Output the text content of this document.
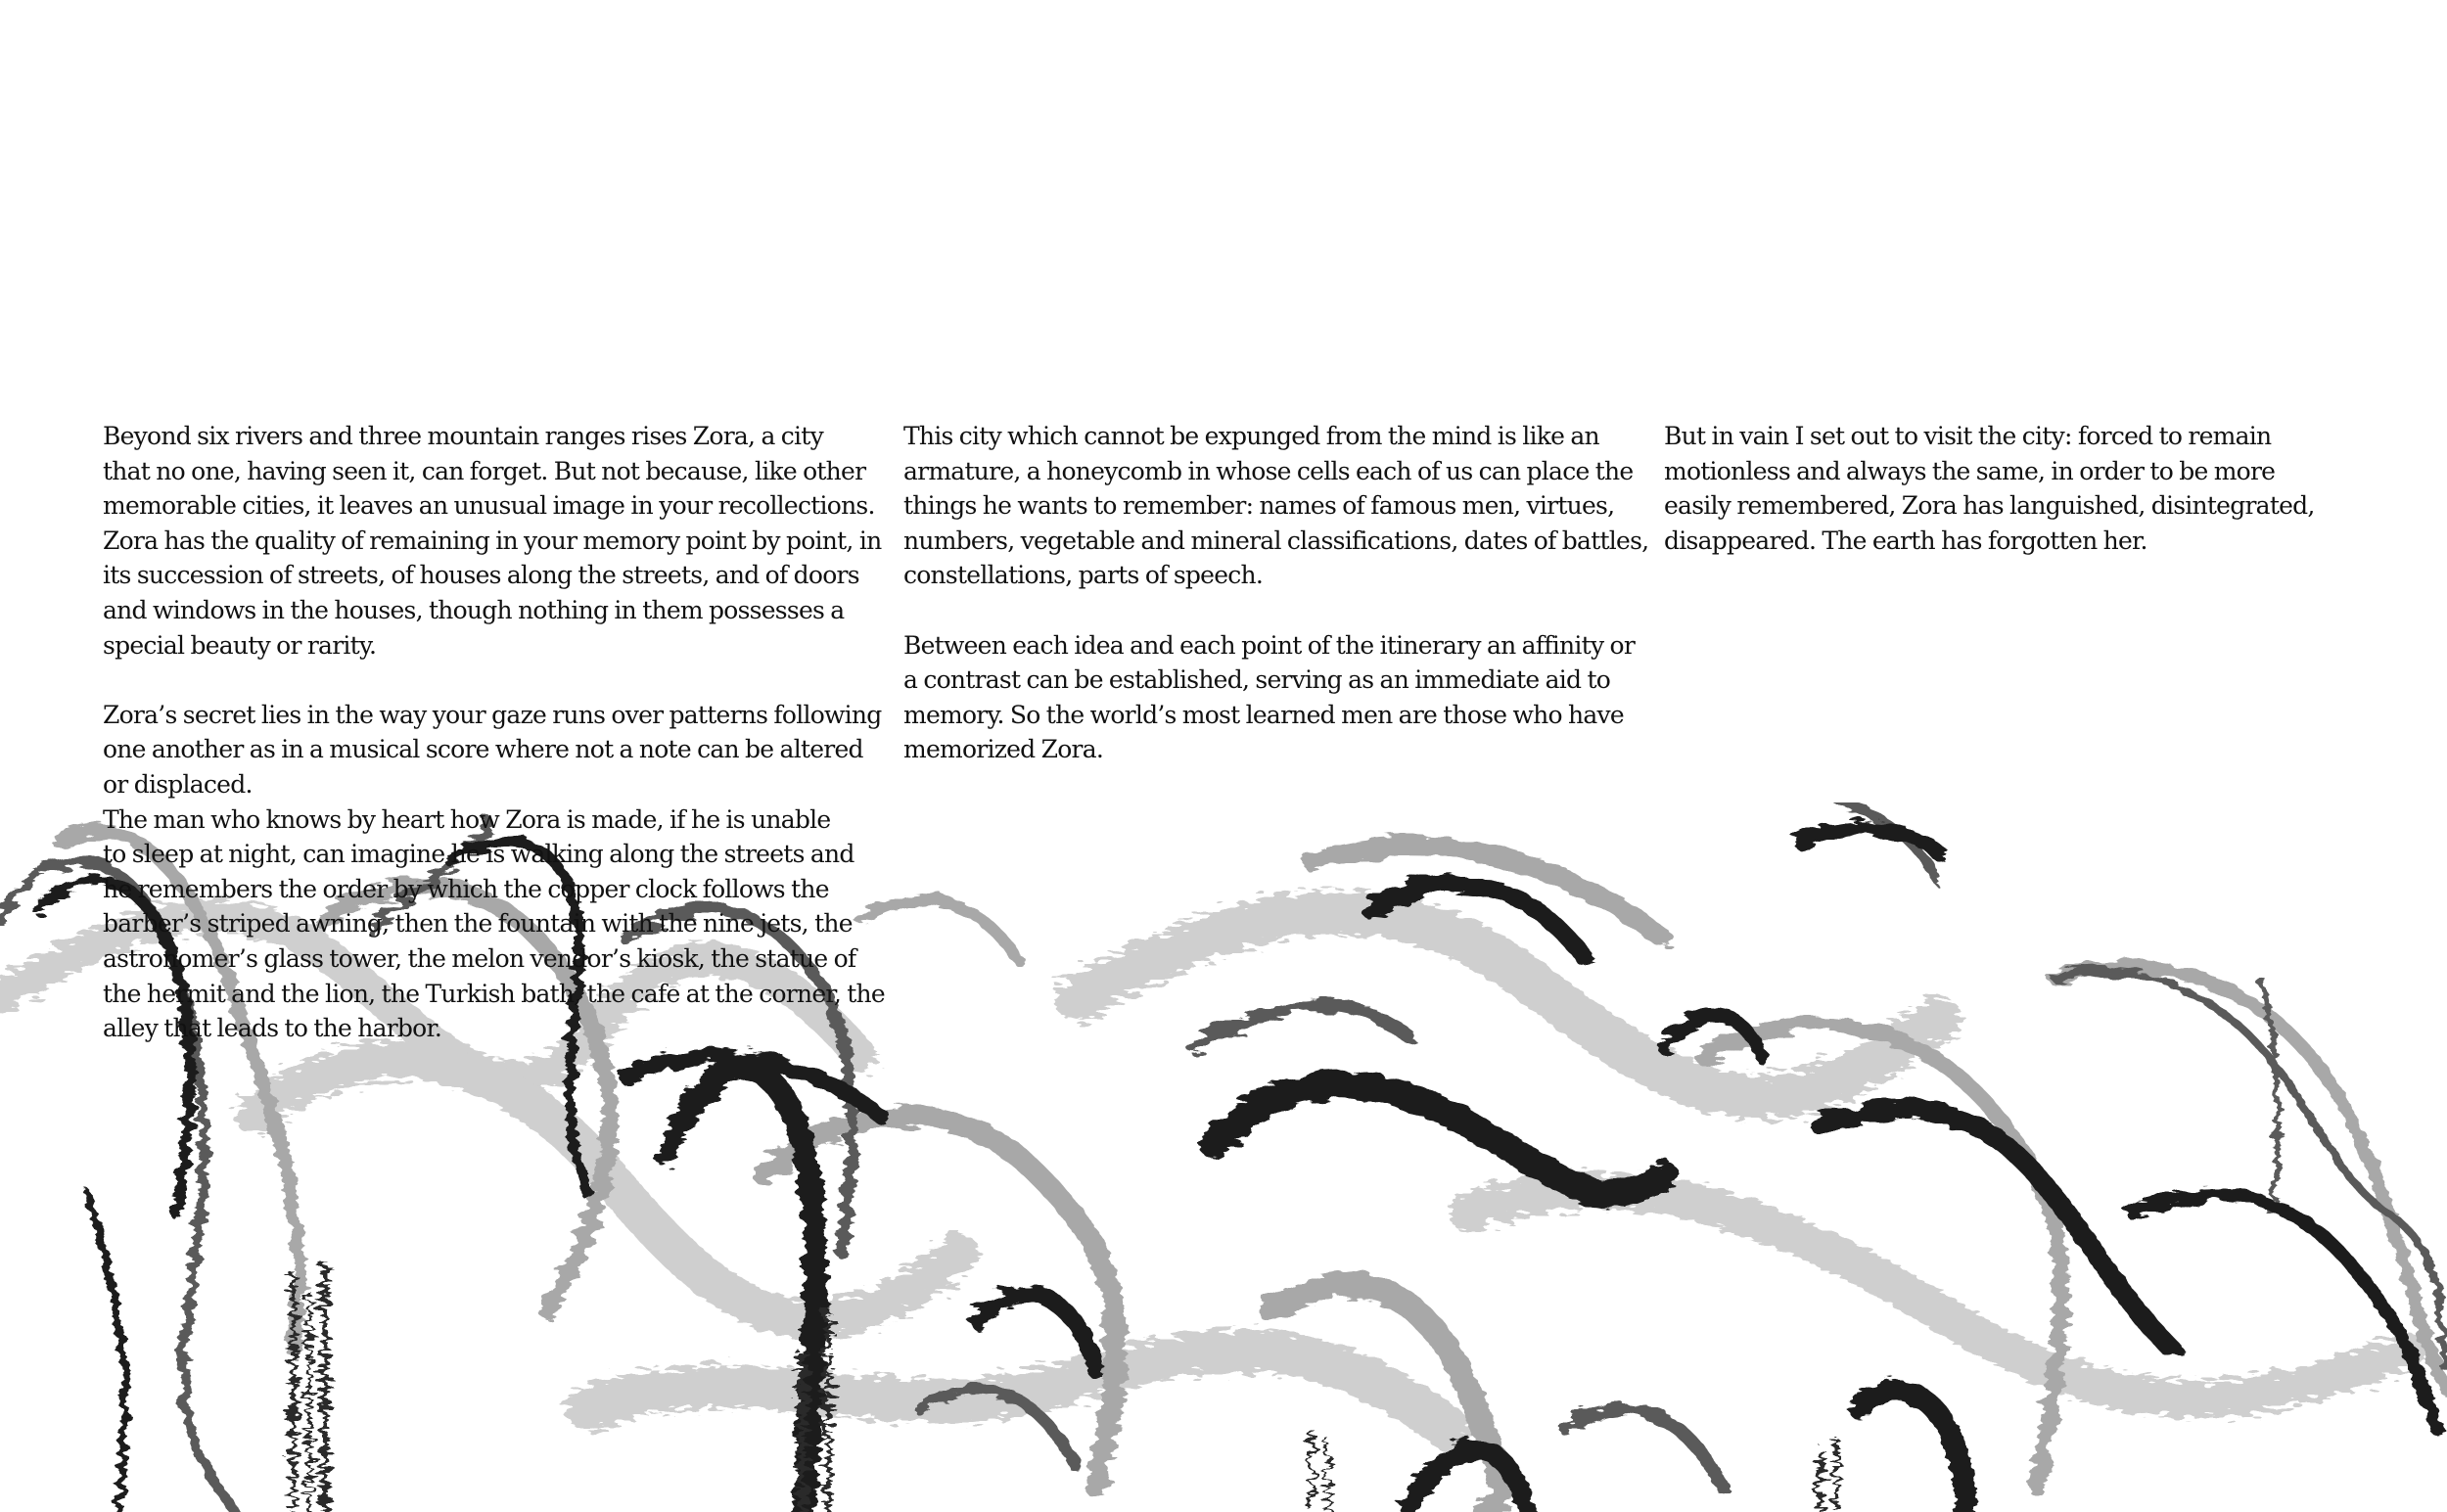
Beyond six rivers and three mountain ranges rises Zora, a city
that no one, having seen it, can forget. But not because, like other
memorable cities, it leaves an unusual image in your recollections.
Zora has the quality of remaining in your memory point by point, in
its succession of streets, of houses along the streets, and of doors
and windows in the houses, though nothing in them possesses a
special beauty or rarity.
Zora’s secret lies in the way your gaze runs over patterns following
one another as in a musical score where not a note can be altered
or displaced.
The man who knows by heart how Zora is made, if he is unable
to sleep at night, can imagine he is walking along the streets and
he remembers the order by which the copper clock follows the
barber’s striped awning, then the fountain with the nine jets, the
astronomer’s glass tower, the melon vendor’s kiosk, the statue of
the hermit and the lion, the Turkish bath, the cafe at the corner, the
alley that leads to the harbor.
This city which cannot be expunged from the mind is like an
armature, a honeycomb in whose cells each of us can place the
things he wants to remember: names of famous men, virtues,
numbers, vegetable and mineral classifications, dates of battles,
constellations, parts of speech.
Between each idea and each point of the itinerary an affinity or
a contrast can be established, serving as an immediate aid to
memory. So the world’s most learned men are those who have
memorized Zora.
But in vain I set out to visit the city: forced to remain
motionless and always the same, in order to be more
easily remembered, Zora has languished, disintegrated,
disappeared. The earth has forgotten her.
